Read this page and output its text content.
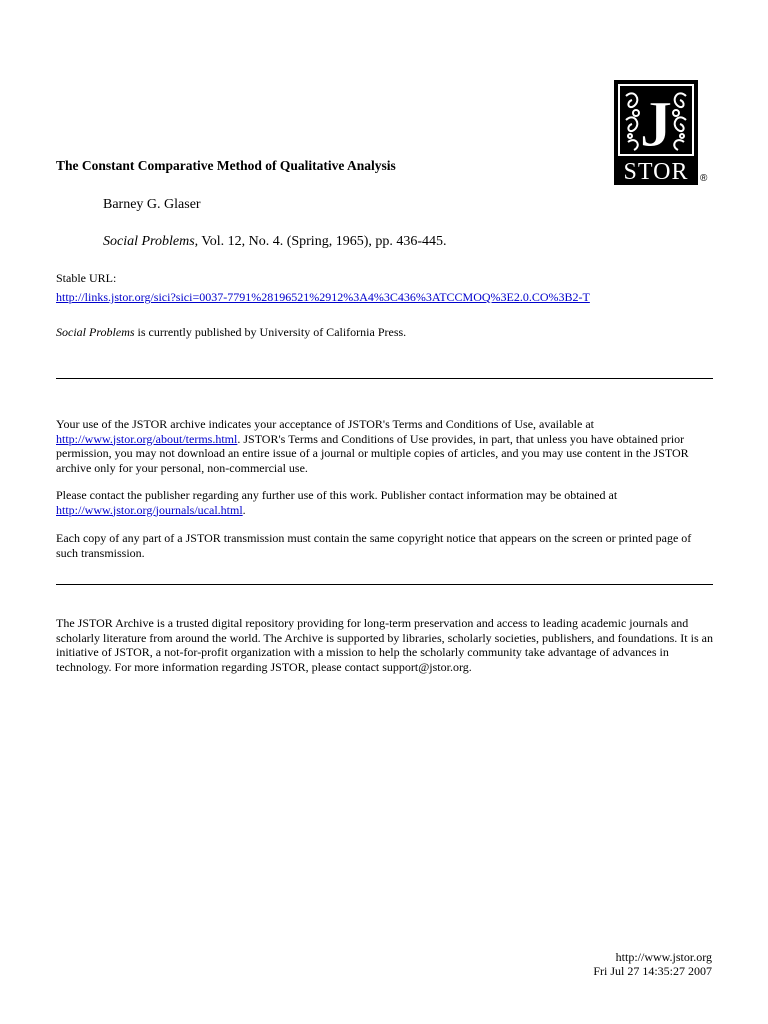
J
STOR ®
The Constant Comparative Method of Qualitative Analysis
Barney G. Glaser
Social Problems, Vol. 12, No. 4. (Spring, 1965), pp. 436-445.
Stable URL:
http://links.jstor.org/sici?sici=0037-7791%28196521%2912%3A4%3C436%3ATCCMOQ%3E2.0.CO%3B2-T
Social Problems is currently published by University of California Press.
Your use of the JSTOR archive indicates your acceptance of JSTOR's Terms and Conditions of Use, available at
http://www.jstor.org/about/terms.html. JSTOR's Terms and Conditions of Use provides, in part, that unless you have obtained prior permission, you may not download an entire issue of a journal or multiple copies of articles, and you may use content in the JSTOR archive only for your personal, non-commercial use.
Please contact the publisher regarding any further use of this work. Publisher contact information may be obtained at
http://www.jstor.org/journals/ucal.html.
Each copy of any part of a JSTOR transmission must contain the same copyright notice that appears on the screen or printed page of such transmission.
The JSTOR Archive is a trusted digital repository providing for long-term preservation and access to leading academic journals and scholarly literature from around the world. The Archive is supported by libraries, scholarly societies, publishers, and foundations. It is an initiative of JSTOR, a not-for-profit organization with a mission to help the scholarly community take advantage of advances in technology. For more information regarding JSTOR, please contact support@jstor.org.
http://www.jstor.org
Fri Jul 27 14:35:27 2007
